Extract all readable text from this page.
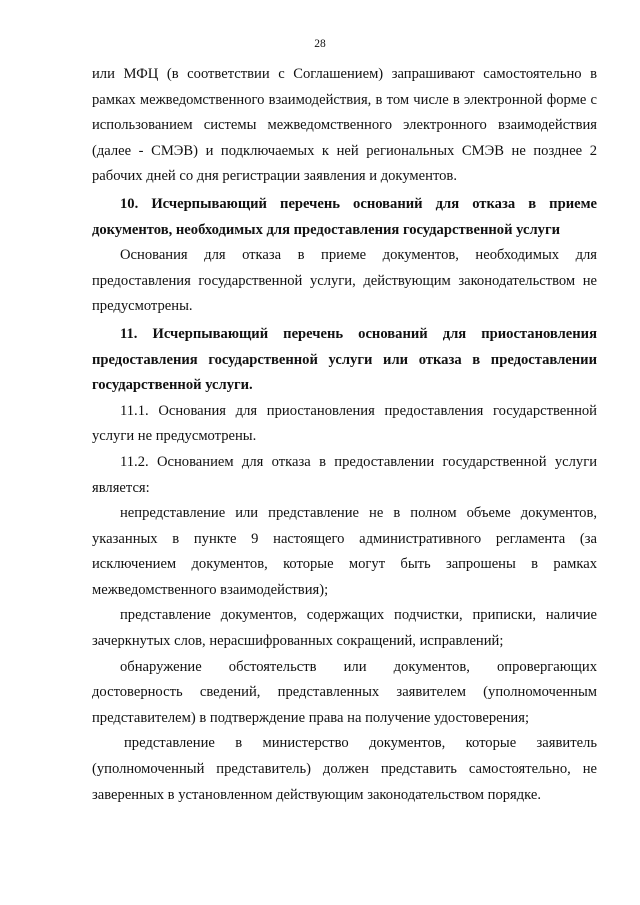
28

или МФЦ (в соответствии с Соглашением) запрашивают самостоятельно в рамках межведомственного взаимодействия, в том числе в электронной форме с использованием системы межведомственного электронного взаимодействия (далее - СМЭВ) и подключаемых к ней региональных СМЭВ не позднее 2 рабочих дней со дня регистрации заявления и документов.

10. Исчерпывающий перечень оснований для отказа в приеме документов, необходимых для предоставления государственной услуги

Основания для отказа в приеме документов, необходимых для предоставления государственной услуги, действующим законодательством не предусмотрены.

11. Исчерпывающий перечень оснований для приостановления предоставления государственной услуги или отказа в предоставлении государственной услуги.

11.1. Основания для приостановления предоставления государственной услуги не предусмотрены.

11.2. Основанием для отказа в предоставлении государственной услуги является:

непредставление или представление не в полном объеме документов, указанных в пункте 9 настоящего административного регламента (за исключением документов, которые могут быть запрошены в рамках межведомственного взаимодействия);

представление документов, содержащих подчистки, приписки, наличие зачеркнутых слов, нерасшифрованных сокращений, исправлений;

обнаружение обстоятельств или документов, опровергающих достоверность сведений, представленных заявителем (уполномоченным представителем) в подтверждение права на получение удостоверения;

представление в министерство документов, которые заявитель (уполномоченный представитель) должен представить самостоятельно, не заверенных в установленном действующим законодательством порядке.
